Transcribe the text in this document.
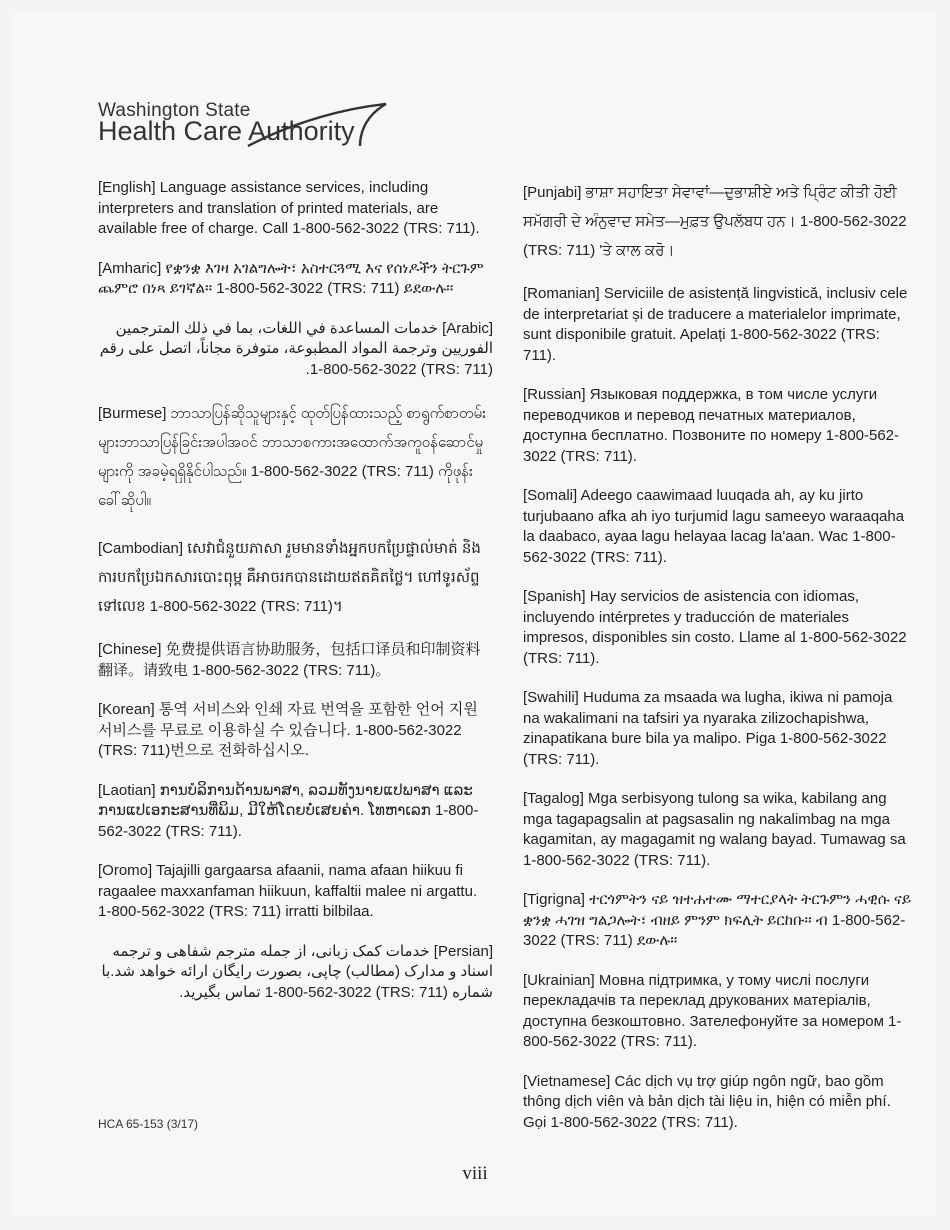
Washington State
Health Care Authority

[English] Language assistance services, including interpreters and translation of printed materials, are available free of charge. Call 1-800-562-3022 (TRS: 711).

[Amharic] የቋንቋ እገዛ አገልግሎት፣ አስተርጓሚ እና የሰነዶችን ትርጉም ጨምሮ በነጻ ይገኛል፡፡ 1-800-562-3022 (TRS: 711) ይደውሉ፡፡

[Arabic] خدمات المساعدة في اللغات، بما في ذلك المترجمين الفوريين وترجمة المواد المطبوعة، متوفرة مجاناً، اتصل على رقم (TRS: 711) 1-800-562-3022.

[Burmese] ဘာသာပြန်ဆိုသူများနှင့် ထုတ်ပြန်ထားသည့် စာရွက်စာတမ်းများဘာသာပြန်ခြင်းအပါအဝင် ဘာသာစကားအထောက်အကူဝန်ဆောင်မှုများကို အခမဲ့ရရှိနိုင်ပါသည်။ 1-800-562-3022 (TRS: 711) ကိုဖုန်းခေါ်ဆိုပါ။

[Cambodian] សេវាជំនួយភាសា រួមមានទាំងអ្នកបកប្រែផ្ទាល់មាត់ និង ការបកប្រែឯកសារបោះពុម្ព គឺអាចរកបានដោយឥតគិតថ្លៃ។ ហៅទូរស័ព្ទទៅលេខ 1-800-562-3022 (TRS: 711)។

[Chinese] 免费提供语言协助服务，包括口译员和印制资料翻译。请致电 1-800-562-3022 (TRS: 711)。

[Korean] 통역 서비스와 인쇄 자료 번역을 포함한 언어 지원 서비스를 무료로 이용하실 수 있습니다. 1-800-562-3022 (TRS: 711)번으로 전화하십시오.

[Laotian] ການບໍລິການດ້ານພາສາ, ລວມທັງນາຍແປພາສາ ແລະ ການແປເອກະສານທີ່ພິມ, ມີໃຫ້ໂດຍບໍ່ເສຍຄ່າ. ໂທຫາເລກ 1-800-562-3022 (TRS: 711).

[Oromo] Tajajilli gargaarsa afaanii, nama afaan hiikuu fi ragaalee maxxanfaman hiikuun, kaffaltii malee ni argattu. 1-800-562-3022 (TRS: 711) irratti bilbilaa.

[Persian] خدمات کمک زبانی، از جمله مترجم شفاهی و ترجمه اسناد و مدارک (مطالب) چاپی، بصورت رایگان ارائه خواهد شد.با شماره (TRS: 711) 1-800-562-3022 تماس بگیرید.

[Punjabi] ਭਾਸ਼ਾ ਸਹਾਇਤਾ ਸੇਵਾਵਾਂ—ਦੁਭਾਸ਼ੀਏ ਅਤੇ ਪ੍ਰਿੰਟ ਕੀਤੀ ਹੋਈ ਸਮੱਗਰੀ ਦੇ ਅੰਨੁਵਾਦ ਸਮੇਤ—ਮੁਫ਼ਤ ਉਪਲੱਬਧ ਹਨ। 1-800-562-3022 (TRS: 711) 'ਤੇ ਕਾਲ ਕਰੋ।

[Romanian] Serviciile de asistență lingvistică, inclusiv cele de interpretariat și de traducere a materialelor imprimate, sunt disponibile gratuit. Apelați 1-800-562-3022 (TRS: 711).

[Russian] Языковая поддержка, в том числе услуги переводчиков и перевод печатных материалов, доступна бесплатно. Позвоните по номеру 1-800-562-3022 (TRS: 711).

[Somali] Adeego caawimaad luuqada ah, ay ku jirto turjubaano afka ah iyo turjumid lagu sameeyo waraaqaha la daabaco, ayaa lagu helayaa lacag la'aan. Wac 1-800-562-3022 (TRS: 711).

[Spanish] Hay servicios de asistencia con idiomas, incluyendo intérpretes y traducción de materiales impresos, disponibles sin costo. Llame al 1-800-562-3022 (TRS: 711).

[Swahili] Huduma za msaada wa lugha, ikiwa ni pamoja na wakalimani na tafsiri ya nyaraka zilizochapishwa, zinapatikana bure bila ya malipo. Piga 1-800-562-3022 (TRS: 711).

[Tagalog] Mga serbisyong tulong sa wika, kabilang ang mga tagapagsalin at pagsasalin ng nakalimbag na mga kagamitan, ay magagamit ng walang bayad. Tumawag sa 1-800-562-3022 (TRS: 711).

[Tigrigna] ተርጎምትን ናይ ዝተሐተሙ ማተርያላት ትርጉምን ሓዊሱ ናይ ቋንቋ ሓገዝ ግልጋሎት፣ ብዘይ ምንም ክፍሊት ይርከቡ፡፡ ብ 1-800-562-3022 (TRS: 711) ደውሉ፡፡

[Ukrainian] Мовна підтримка, у тому числі послуги перекладачів та переклад друкованих матеріалів, доступна безкоштовно. Зателефонуйте за номером 1-800-562-3022 (TRS: 711).

[Vietnamese] Các dịch vụ trợ giúp ngôn ngữ, bao gồm thông dịch viên và bản dịch tài liệu in, hiện có miễn phí. Gọi 1-800-562-3022 (TRS: 711).

HCA 65-153 (3/17)
viii
